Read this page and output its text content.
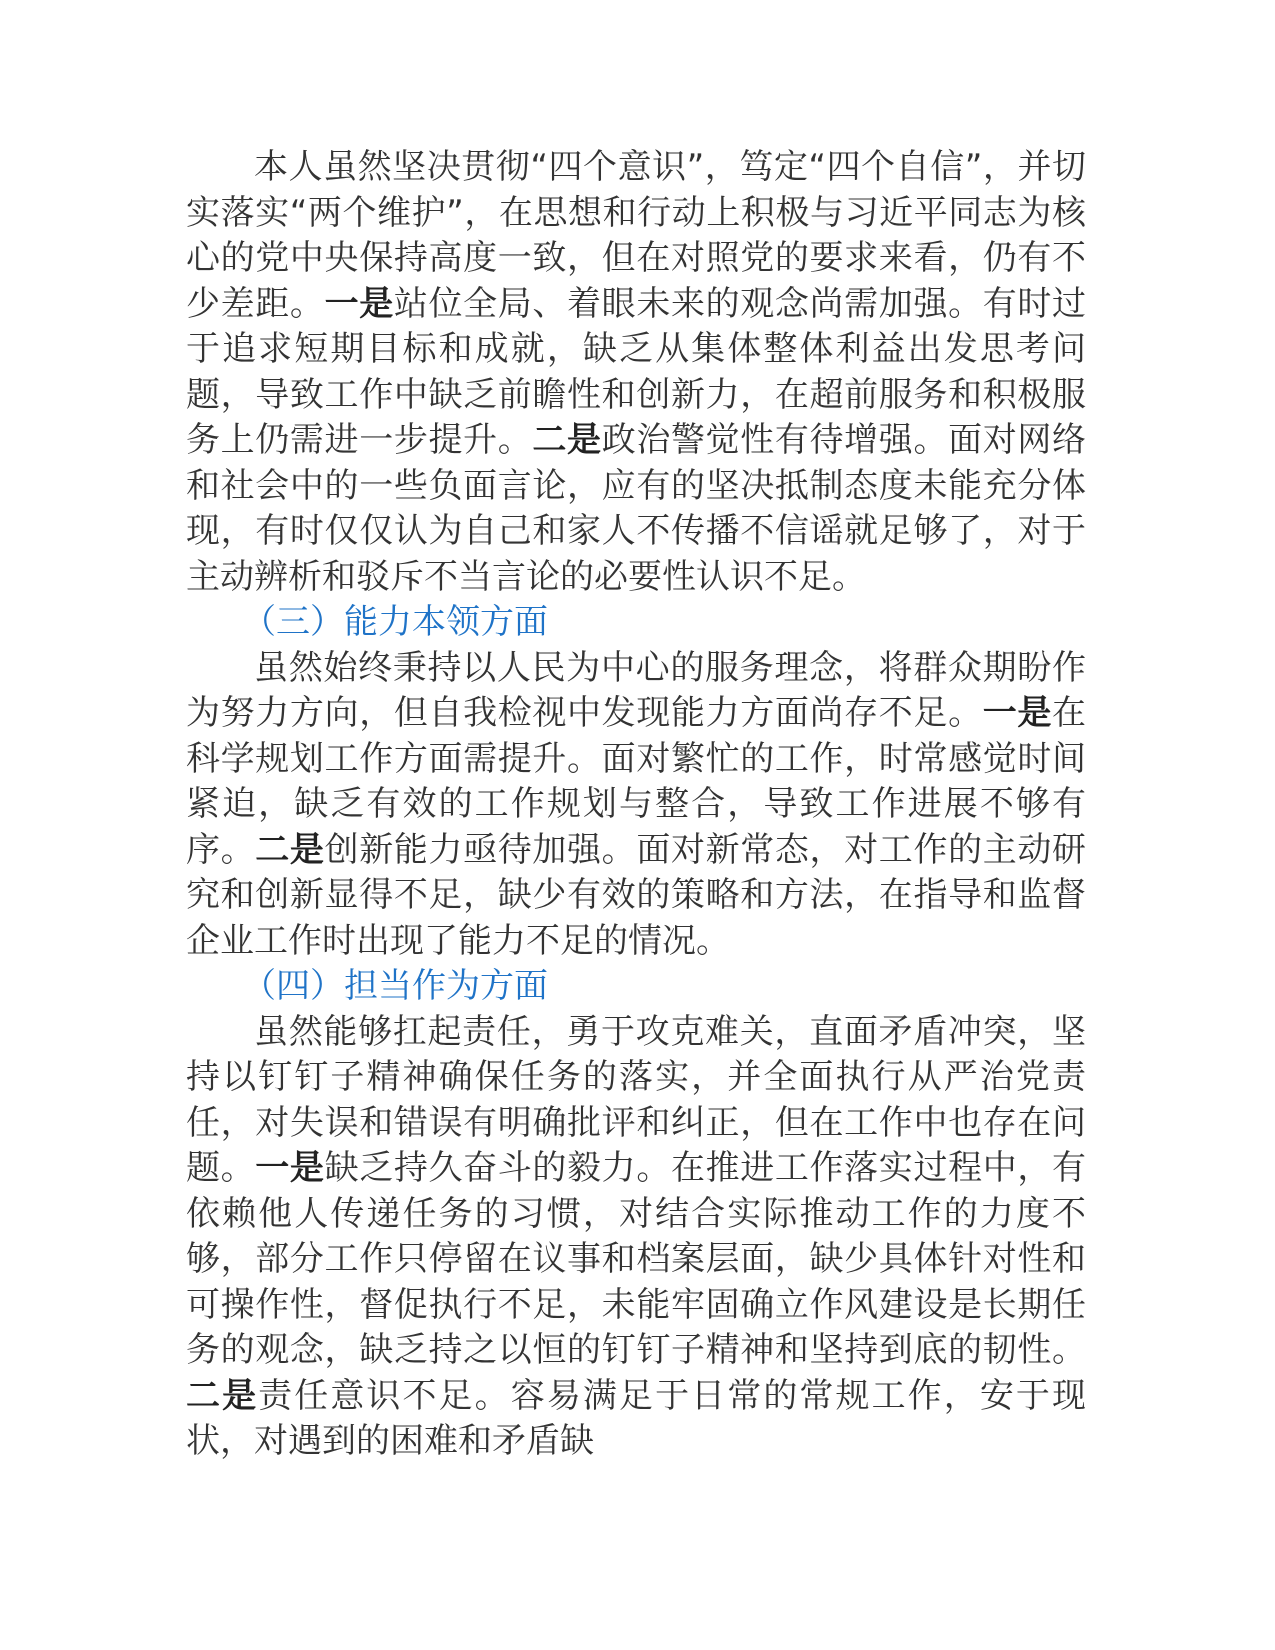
本人虽然坚决贯彻“四个意识”，笃定“四个自信”，并切实落实“两个维护”，在思想和行动上积极与习近平同志为核心的党中央保持高度一致，但在对照党的要求来看，仍有不少差距。一是站位全局、着眼未来的观念尚需加强。有时过于追求短期目标和成就，缺乏从集体整体利益出发思考问题，导致工作中缺乏前瞻性和创新力，在超前服务和积极服务上仍需进一步提升。二是政治警觉性有待增强。面对网络和社会中的一些负面言论，应有的坚决抵制态度未能充分体现，有时仅仅认为自己和家人不传播不信谣就足够了，对于主动辨析和驳斥不当言论的必要性认识不足。

（三）能力本领方面

虽然始终秉持以人民为中心的服务理念，将群众期盼作为努力方向，但自我检视中发现能力方面尚存不足。一是在科学规划工作方面需提升。面对繁忙的工作，时常感觉时间紧迫，缺乏有效的工作规划与整合，导致工作进展不够有序。二是创新能力亟待加强。面对新常态，对工作的主动研究和创新显得不足，缺少有效的策略和方法，在指导和监督企业工作时出现了能力不足的情况。

（四）担当作为方面

虽然能够扛起责任，勇于攻克难关，直面矛盾冲突，坚持以钉钉子精神确保任务的落实，并全面执行从严治党责任，对失误和错误有明确批评和纠正，但在工作中也存在问题。一是缺乏持久奋斗的毅力。在推进工作落实过程中，有依赖他人传递任务的习惯，对结合实际推动工作的力度不够，部分工作只停留在议事和档案层面，缺少具体针对性和可操作性，督促执行不足，未能牢固确立作风建设是长期任务的观念，缺乏持之以恒的钉钉子精神和坚持到底的韧性。二是责任意识不足。容易满足于日常的常规工作，安于现状，对遇到的困难和矛盾缺
